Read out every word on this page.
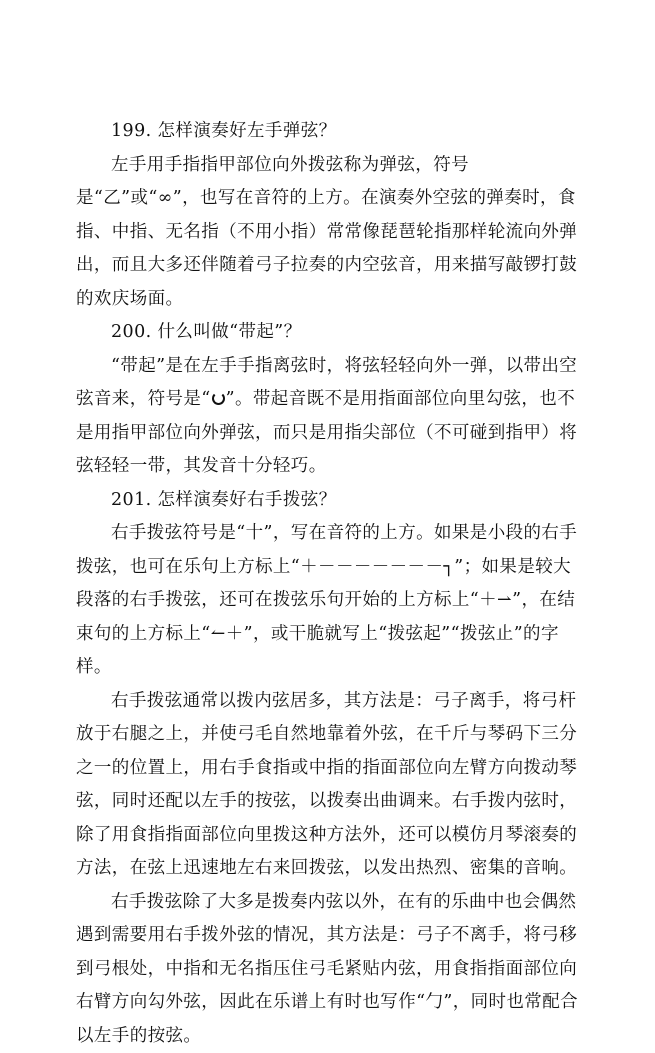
199. 怎样演奏好左手弹弦？

左手用手指指甲部位向外拨弦称为弹弦，符号是“乙”或“∞”，也写在音符的上方。在演奏外空弦的弹奏时，食指、中指、无名指（不用小指）常常像琵琶轮指那样轮流向外弹出，而且大多还伴随着弓子拉奏的内空弦音，用来描写敲锣打鼓的欢庆场面。

200. 什么叫做“带起”？

“带起”是在左手手指离弦时，将弦轻轻向外一弹，以带出空弦音来，符号是“ ”。带起音既不是用指面部位向里勾弦，也不是用指甲部位向外弹弦，而只是用指尖部位（不可碰到指甲）将弦轻轻一带，其发音十分轻巧。

201. 怎样演奏好右手拨弦？

右手拨弦符号是“十”，写在音符的上方。如果是小段的右手拨弦，也可在乐句上方标上“＋－－－－－－－┐”；如果是较大段落的右手拨弦，还可在拨弦乐句开始的上方标上“＋⇀”，在结束句的上方标上“↼＋”，或干脆就写上“拨弦起”“拨弦止”的字样。

右手拨弦通常以拨内弦居多，其方法是：弓子离手，将弓杆放于右腿之上，并使弓毛自然地靠着外弦，在千斤与琴码下三分之一的位置上，用右手食指或中指的指面部位向左臂方向拨动琴弦，同时还配以左手的按弦，以拨奏出曲调来。右手拨内弦时，除了用食指指面部位向里拨这种方法外，还可以模仿月琴滚奏的方法，在弦上迅速地左右来回拨弦，以发出热烈、密集的音响。

右手拨弦除了大多是拨奏内弦以外，在有的乐曲中也会偶然遇到需要用右手拨外弦的情况，其方法是：弓子不离手，将弓移到弓根处，中指和无名指压住弓毛紧贴内弦，用食指指面部位向右臂方向勾外弦，因此在乐谱上有时也写作“勹”，同时也常配合以左手的按弦。
